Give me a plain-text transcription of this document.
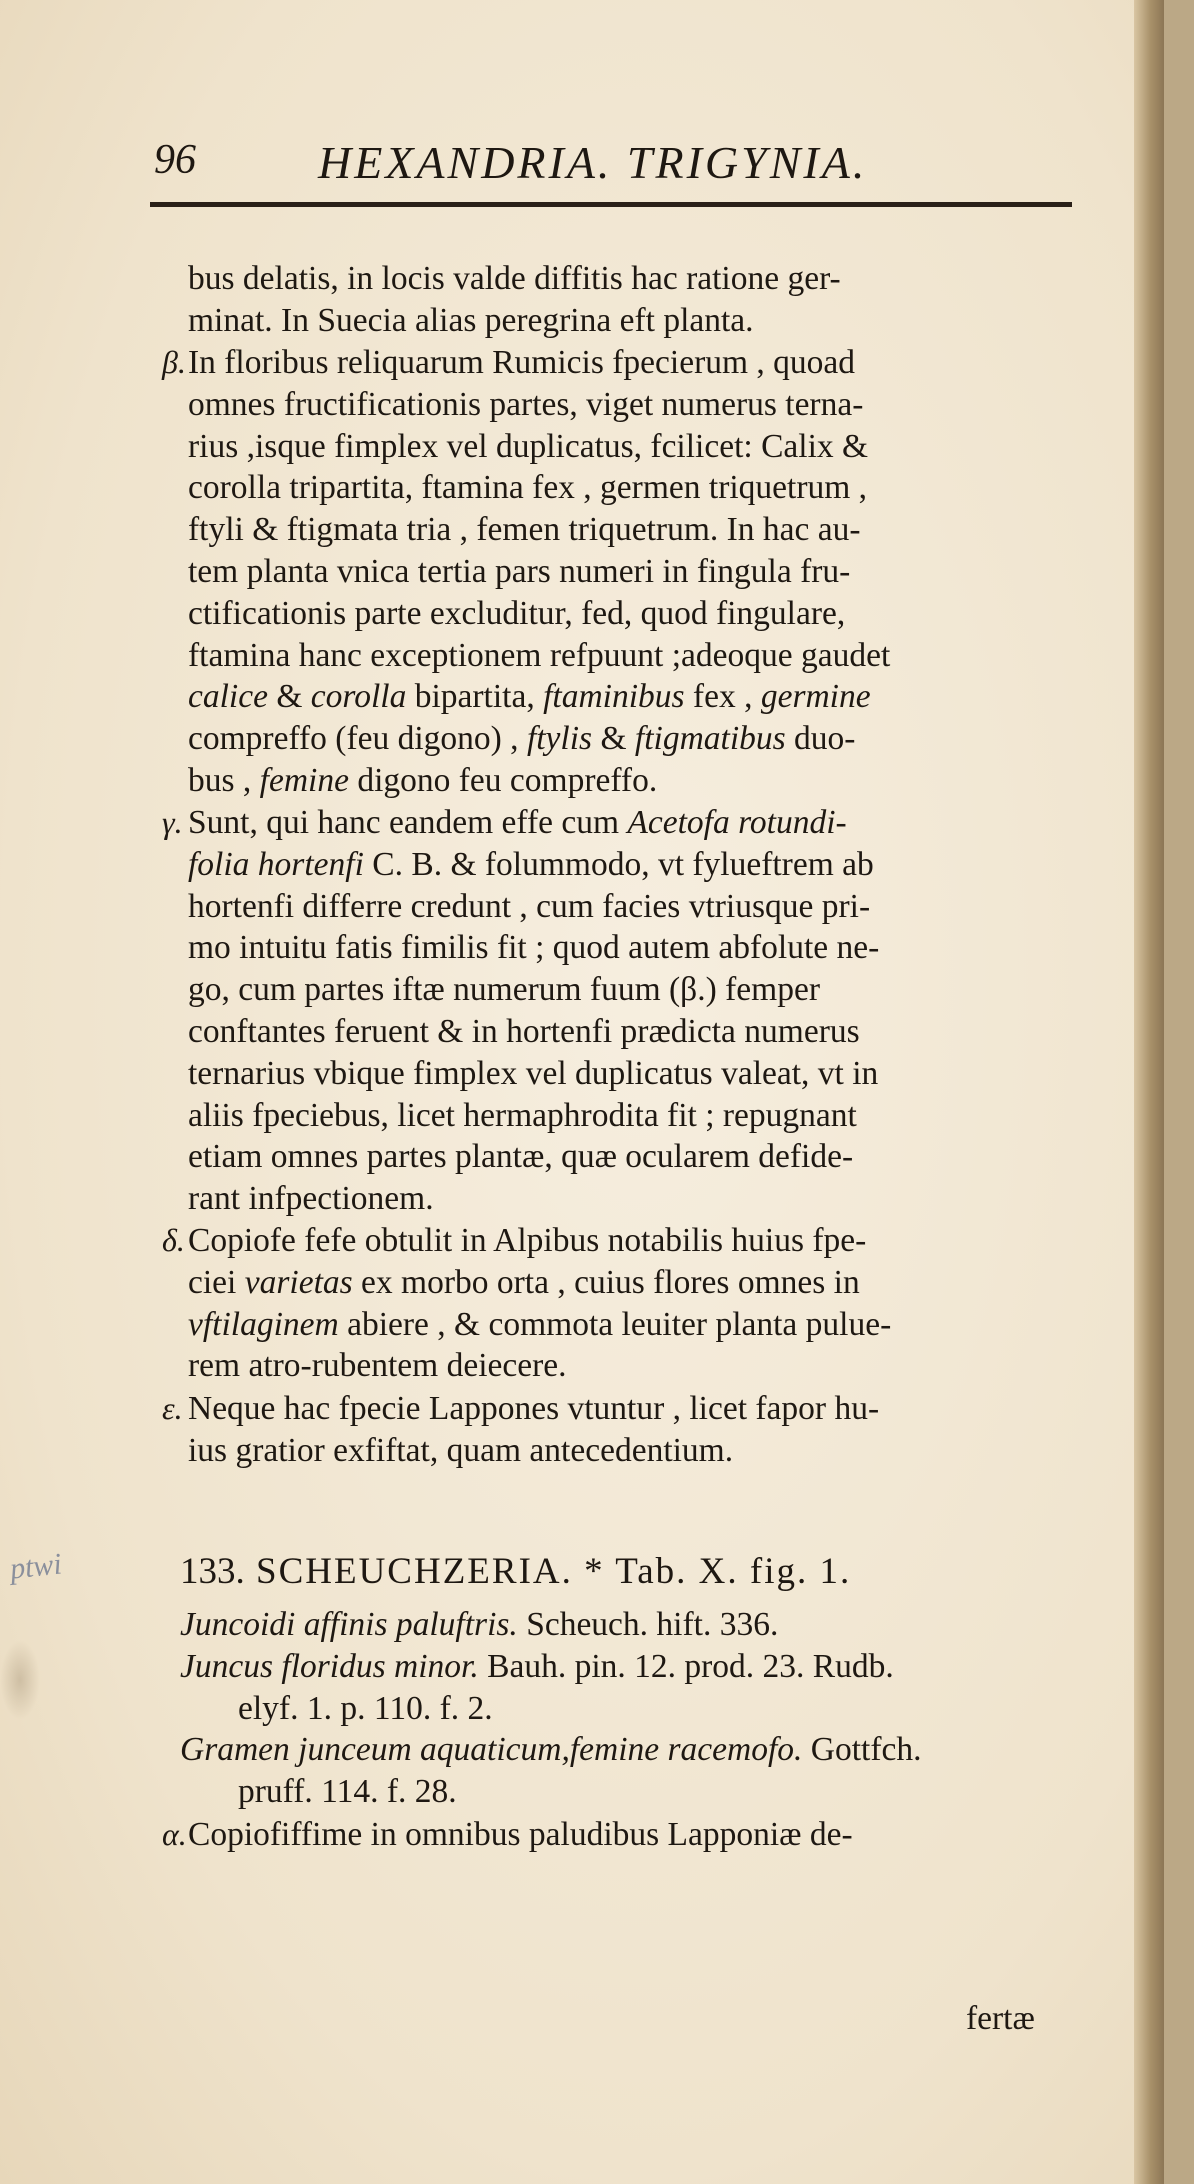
96	HEXANDRIA. TRIGYNIA.
bus delatis, in locis valde diffitis hac ratione ger-
minat. In Suecia alias peregrina eft planta.
β. In floribus reliquarum Rumicis fpecierum , quoad
omnes fructificationis partes, viget numerus terna-
rius ,isque fimplex vel duplicatus, fcilicet: Calix &
corolla tripartita, ftamina fex , germen triquetrum ,
ftyli & ftigmata tria , femen triquetrum. In hac au-
tem planta vnica tertia pars numeri in fingula fru-
ctificationis parte excluditur, fed, quod fingulare,
ftamina hanc exceptionem refpuunt ;adeoque gaudet
calice & corolla bipartita, ftaminibus fex , germine
compreffo (feu digono) , ftylis & ftigmatibus duo-
bus , femine digono feu compreffo.
γ. Sunt, qui hanc eandem effe cum Acetofa rotundi-
folia hortenfi C. B. & folummodo, vt fylueftrem ab
hortenfi differre credunt , cum facies vtriusque pri-
mo intuitu fatis fimilis fit ; quod autem abfolute ne-
go, cum partes iftæ numerum fuum (β.) femper
conftantes feruent & in hortenfi prædicta numerus
ternarius vbique fimplex vel duplicatus valeat, vt in
aliis fpeciebus, licet hermaphrodita fit ; repugnant
etiam omnes partes plantæ, quæ ocularem defide-
rant infpectionem.
δ. Copiofe fefe obtulit in Alpibus notabilis huius fpe-
ciei varietas ex morbo orta , cuius flores omnes in
vftilaginem abiere , & commota leuiter planta pulue-
rem atro-rubentem deiecere.
ε. Neque hac fpecie Lappones vtuntur , licet fapor hu-
ius gratior exfiftat, quam antecedentium.
ptwi	133. SCHEUCHZERIA. * Tab. X. fig. 1.
Juncoidi affinis paluftris. Scheuch. hift. 336.
Juncus floridus minor. Bauh. pin. 12. prod. 23. Rudb.
elyf. 1. p. 110. f. 2.
Gramen junceum aquaticum,femine racemofo. Gottfch.
pruff. 114. f. 28.
α. Copiofiffime in omnibus paludibus Lapponiæ de-
fertæ
